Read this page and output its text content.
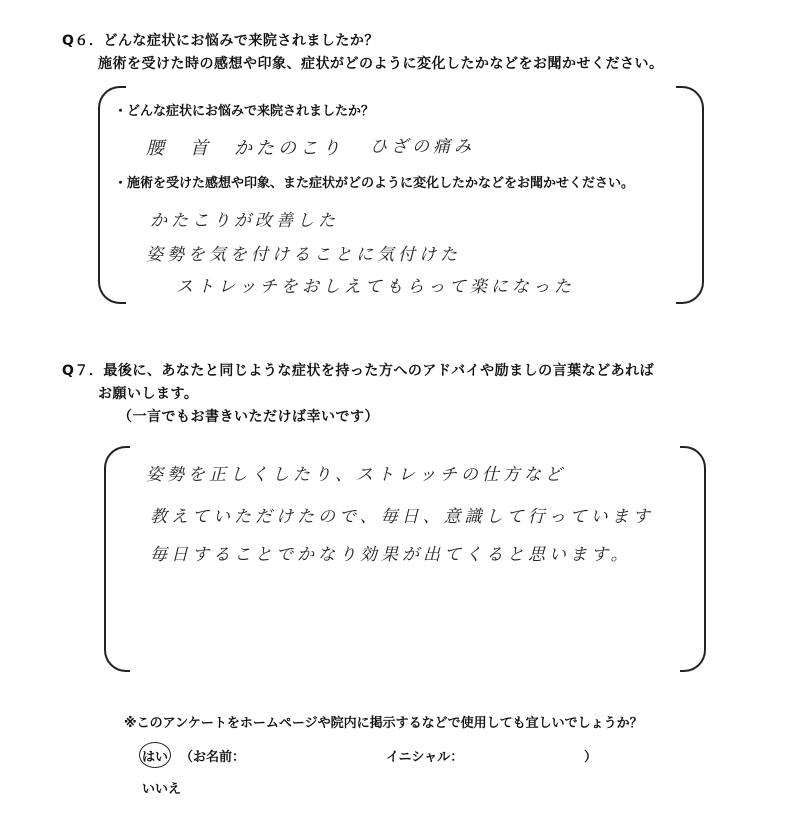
Q６．どんな症状にお悩みで来院されましたか？
施術を受けた時の感想や印象、症状がどのように変化したかなどをお聞かせください。
・どんな症状にお悩みで来院されましたか？
腰　首　かたのこり ひざの痛み
・施術を受けた感想や印象、また症状がどのように変化したかなどをお聞かせください。
かたこりが改善した
姿勢を気を付けることに気付けた
ストレッチをおしえてもらって楽になった
Q７．最後に、あなたと同じような症状を持った方へのアドバイや励ましの言葉などあれば
お願いします。
（一言でもお書きいただけば幸いです）
姿勢を正しくしたり、ストレッチの仕方など
教えていただけたので、毎日、意識して行っています
毎日することでかなり効果が出てくると思います。
※このアンケートをホームページや院内に掲示するなどで使用しても宜しいでしょうか？
はい （お名前：	イニシャル：	）
いいえ
